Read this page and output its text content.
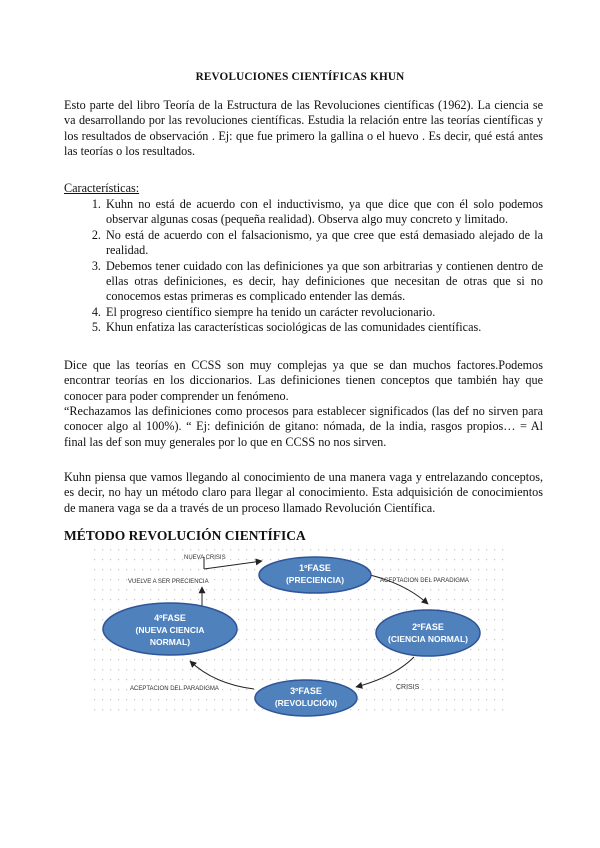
REVOLUCIONES CIENTÍFICAS KHUN
Esto parte del libro Teoría de la Estructura de las Revoluciones científicas (1962). La ciencia se va desarrollando por las revoluciones científicas. Estudia la relación entre las teorías científicas y los resultados de observación . Ej: que fue primero la gallina o el huevo . Es decir, qué está antes las teorías o los resultados.
Características:
1. Kuhn no está de acuerdo con el inductivismo, ya que dice que con él solo podemos observar algunas cosas (pequeña realidad). Observa algo muy concreto y limitado.
2. No está de acuerdo con el falsacionismo, ya que cree que está demasiado alejado de la realidad.
3. Debemos tener cuidado con las definiciones ya que son arbitrarias y contienen dentro de ellas otras definiciones, es decir, hay definiciones que necesitan de otras que si no conocemos estas primeras es complicado entender las demás.
4. El progreso científico siempre ha tenido un carácter revolucionario.
5. Khun enfatiza las características sociológicas de las comunidades científicas.
Dice que las teorías en CCSS son muy complejas ya que se dan muchos factores.Podemos encontrar teorías en los diccionarios. Las definiciones tienen conceptos que también hay que conocer para poder comprender un fenómeno.
“Rechazamos las definiciones como procesos para establecer significados (las def no sirven para conocer algo al 100%). “ Ej: definición de gitano: nómada, de la india, rasgos propios… = Al final las def son muy generales por lo que en CCSS no nos sirven.
Kuhn piensa que vamos llegando al conocimiento de una manera vaga y entrelazando conceptos, es decir, no hay un método claro para llegar al conocimiento. Esta adquisición de conocimientos de manera vaga se da a través de un proceso llamado Revolución Científica.
MÉTODO REVOLUCIÓN CIENTÍFICA
1ºFASE
(PRECIENCIA)
2ºFASE
(CIENCIA NORMAL)
3ºFASE
(REVOLUCIÓN)
4ºFASE
(NUEVA CIENCIA
NORMAL)
NUEVA CRISIS
VUELVE A SER PRECIENCIA	ACEPTACION DEL PARADIGMA
CRISIS
ACEPTACION DEL PARADIGMA
